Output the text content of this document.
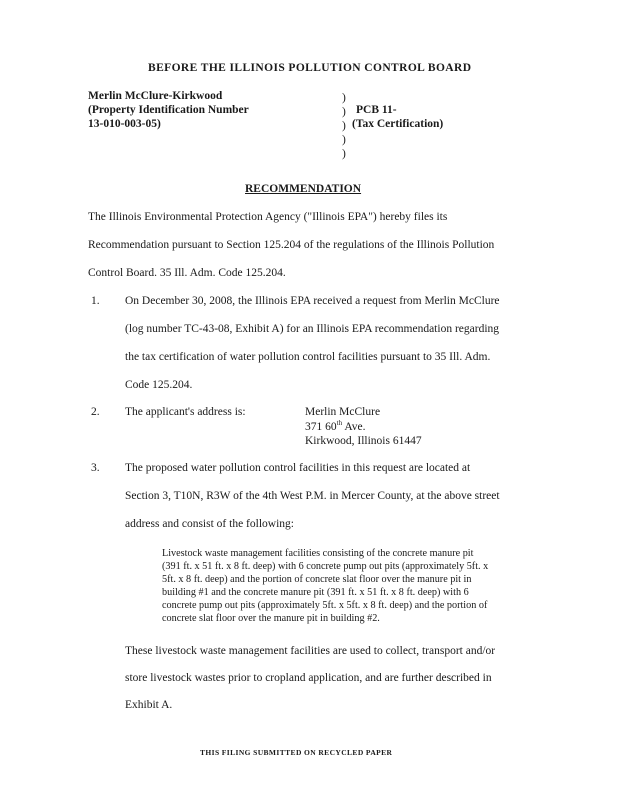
BEFORE THE ILLINOIS POLLUTION CONTROL BOARD
Merlin McClure-Kirkwood
(Property Identification Number
13-010-003-05)
)
)
)
)
)
PCB 11-
(Tax Certification)
RECOMMENDATION
The Illinois Environmental Protection Agency ("Illinois EPA") hereby files its
Recommendation pursuant to Section 125.204 of the regulations of the Illinois Pollution
Control Board. 35 Ill. Adm. Code 125.204.
1. On December 30, 2008, the Illinois EPA received a request from Merlin McClure
(log number TC-43-08, Exhibit A) for an Illinois EPA recommendation regarding
the tax certification of water pollution control facilities pursuant to 35 Ill. Adm.
Code 125.204.
2. The applicant's address is:	Merlin McClure
371 60th Ave.
Kirkwood, Illinois 61447
3. The proposed water pollution control facilities in this request are located at
Section 3, T10N, R3W of the 4th West P.M. in Mercer County, at the above street
address and consist of the following:
Livestock waste management facilities consisting of the concrete manure pit
(391 ft. x 51 ft. x 8 ft. deep) with 6 concrete pump out pits (approximately 5ft. x
5ft. x 8 ft. deep) and the portion of concrete slat floor over the manure pit in
building #1 and the concrete manure pit (391 ft. x 51 ft. x 8 ft. deep) with 6
concrete pump out pits (approximately 5ft. x 5ft. x 8 ft. deep) and the portion of
concrete slat floor over the manure pit in building #2.
These livestock waste management facilities are used to collect, transport and/or
store livestock wastes prior to cropland application, and are further described in
Exhibit A.
THIS FILING SUBMITTED ON RECYCLED PAPER
